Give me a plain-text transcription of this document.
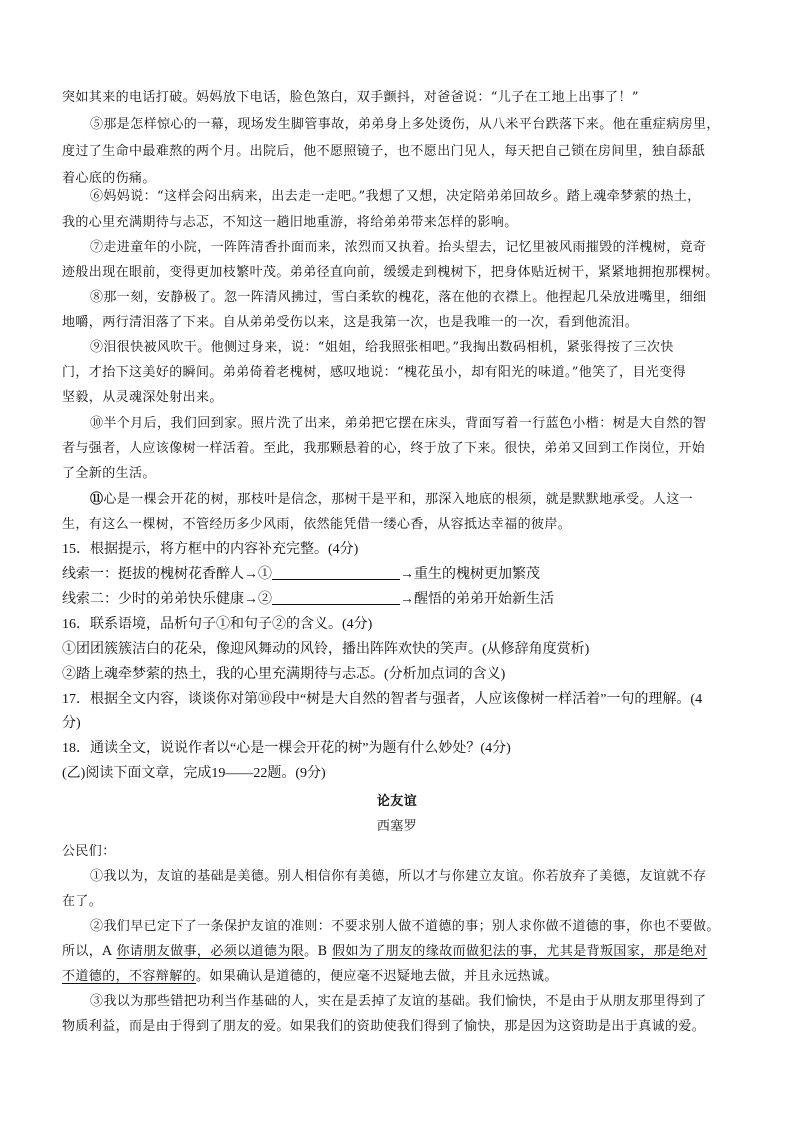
突如其来的电话打破。妈妈放下电话，脸色煞白，双手颤抖，对爸爸说：“儿子在工地上出事了！”
⑤那是怎样惊心的一幕，现场发生脚管事故，弟弟身上多处烫伤，从八米平台跌落下来。他在重症病房里，
度过了生命中最难熬的两个月。出院后，他不愿照镜子，也不愿出门见人，每天把自己锁在房间里，独自舔舐
着心底的伤痛。
⑥妈妈说：“这样会闷出病来，出去走一走吧。”我想了又想，决定陪弟弟回故乡。踏上魂牵梦萦的热土，
我的心里充满期待与忐忑，不知这一趟旧地重游，将给弟弟带来怎样的影响。
⑦走进童年的小院，一阵阵清香扑面而来，浓烈而又执着。抬头望去，记忆里被风雨摧毁的洋槐树，竟奇
迹般出现在眼前，变得更加枝繁叶茂。弟弟径直向前，缓缓走到槐树下，把身体贴近树干，紧紧地拥抱那棵树。
⑧那一刻，安静极了。忽一阵清风拂过，雪白柔软的槐花，落在他的衣襟上。他捏起几朵放进嘴里，细细
地嚼，两行清泪落了下来。自从弟弟受伤以来，这是我第一次，也是我唯一的一次，看到他流泪。
⑨泪很快被风吹干。他侧过身来，说：“姐姐，给我照张相吧。”我掏出数码相机，紧张得按了三次快
门，才抬下这美好的瞬间。弟弟倚着老槐树，感叹地说：“槐花虽小，却有阳光的味道。”他笑了，目光变得
坚毅，从灵魂深处射出来。
⑩半个月后，我们回到家。照片洗了出来，弟弟把它摆在床头，背面写着一行蓝色小楷：树是大自然的智
者与强者，人应该像树一样活着。至此，我那颗悬着的心，终于放了下来。很快，弟弟又回到工作岗位，开始
了全新的生活。
⑪心是一棵会开花的树，那枝叶是信念，那树干是平和，那深入地底的根须，就是默默地承受。人这一
生，有这么一棵树，不管经历多少风雨，依然能凭借一缕心香，从容抵达幸福的彼岸。
15．根据提示，将方框中的内容补充完整。(4分)
线索一：挺拔的槐树花香醉人→①	→重生的槐树更加繁茂
线索二：少时的弟弟快乐健康→②	→醒悟的弟弟开始新生活
16．联系语境，品析句子①和句子②的含义。(4分)
①团团簇簇洁白的花朵，像迎风舞动的风铃，播出阵阵欢快的笑声。(从修辞角度赏析)
②踏上魂牵梦萦的热土，我的心里充满期待与忐忑。(分析加点词的含义)
17．根据全文内容，谈谈你对第⑩段中“树是大自然的智者与强者，人应该像树一样活着”一句的理解。(4
分)
18．通读全文，说说作者以“心是一棵会开花的树”为题有什么妙处？(4分)
(乙)阅读下面文章，完成19——22题。(9分)
论友谊
西塞罗
公民们：
①我以为，友谊的基础是美德。别人相信你有美德，所以才与你建立友谊。你若放弃了美德，友谊就不存
在了。
②我们早已定下了一条保护友谊的准则：不要求别人做不道德的事；别人求你做不道德的事，你也不要做。
所以，A 你请朋友做事，必须以道德为限。B 假如为了朋友的缘故而做犯法的事，尤其是背叛国家，那是绝对
不道德的，不容辩解的。如果确认是道德的，便应毫不迟疑地去做，并且永远热诚。
③我以为那些错把功利当作基础的人，实在是丢掉了友谊的基础。我们愉快，不是由于从朋友那里得到了
物质利益，而是由于得到了朋友的爱。如果我们的资助使我们得到了愉快，那是因为这资助是出于真诚的爱。
